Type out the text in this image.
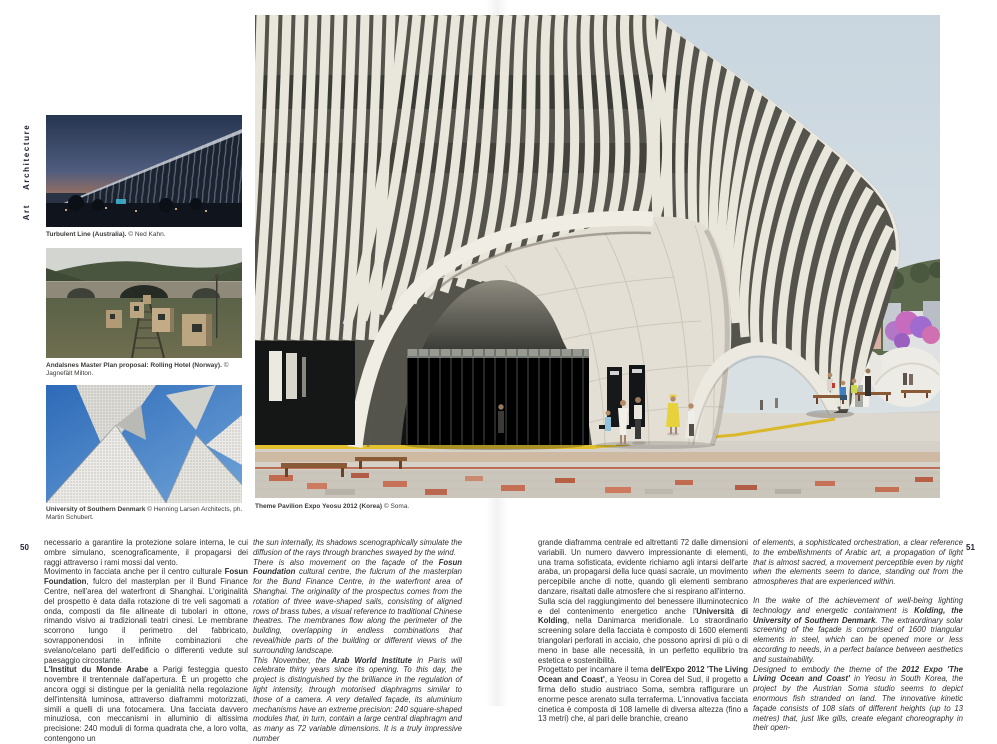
Art
Architecture
50	51
Turbulent Line (Australia). © Ned Kahn.
Andalsnes Master Plan proposal: Rolling Hotel (Norway). © Jagnefält Milton.
University of Southern Denmark © Henning Larsen Architects, ph. Martin Schubert.
Theme Pavilion Expo Yeosu 2012 (Korea) © Soma.

necessario a garantire la protezione solare interna, le cui ombre simulano, scenograficamente, il propagarsi dei raggi attraverso i rami mossi dal vento.

Movimento in facciata anche per il centro culturale Fosun Foundation, fulcro del masterplan per il Bund Finance Centre, nell'area del waterfront di Shanghai. L'originalità del prospetto è data dalla rotazione di tre veli sagomati a onda, composti da file allineate di tubolari in ottone, rimando visivo ai tradizionali teatri cinesi. Le membrane scorrono lungo il perimetro del fabbricato, sovrapponendosi in infinite combinazioni che svelano/celano parti dell'edificio o differenti vedute sul paesaggio circostante.

L'Institut du Monde Arabe a Parigi festeggia questo novembre il trentennale dall'apertura. È un progetto che ancora oggi si distingue per la genialità nella regolazione dell'intensità luminosa, attraverso diaframmi motorizzati, simili a quelli di una fotocamera. Una facciata davvero minuziosa, con meccanismi in alluminio di altissima precisione: 240 moduli di forma quadrata che, a loro volta, contengono un

the sun internally, its shadows scenographically simulate the diffusion of the rays through branches swayed by the wind.

There is also movement on the façade of the Fosun Foundation cultural centre, the fulcrum of the masterplan for the Bund Finance Centre, in the waterfront area of Shanghai. The originality of the prospectus comes from the rotation of three wave-shaped sails, consisting of aligned rows of brass tubes, a visual reference to traditional Chinese theatres. The membranes flow along the perimeter of the building, overlapping in endless combinations that reveal/hide parts of the building or different views of the surrounding landscape.

This November, the Arab World Institute in Paris will celebrate thirty years since its opening. To this day, the project is distinguished by the brilliance in the regulation of light intensity, through motorised diaphragms similar to those of a camera. A very detailed façade, its aluminium mechanisms have an extreme precision: 240 square-shaped modules that, in turn, contain a large central diaphragm and as many as 72 variable dimensions. It is a truly impressive number

grande diaframma centrale ed altrettanti 72 dalle dimensioni variabili. Un numero davvero impressionante di elementi, una trama sofisticata, evidente richiamo agli intarsi dell'arte araba, un propagarsi della luce quasi sacrale, un movimento percepibile anche di notte, quando gli elementi sembrano danzare, risaltati dalle atmosfere che si respirano all'interno.

Sulla scia del raggiungimento del benessere illuminotecnico e del contenimento energetico anche l'Università di Kolding, nella Danimarca meridionale. Lo straordinario screening solare della facciata è composto di 1600 elementi triangolari perforati in acciaio, che possono aprirsi di più o di meno in base alle necessità, in un perfetto equilibrio tra estetica e sostenibilità.

Progettato per incarnare il tema dell'Expo 2012 'The Living Ocean and Coast', a Yeosu in Corea del Sud, il progetto a firma dello studio austriaco Soma, sembra raffigurare un enorme pesce arenato sulla terraferma. L'innovativa facciata cinetica è composta di 108 lamelle di diversa altezza (fino a 13 metri) che, al pari delle branchie, creano

of elements, a sophisticated orchestration, a clear reference to the embellishments of Arabic art, a propagation of light that is almost sacred, a movement perceptible even by night when the elements seem to dance, standing out from the atmospheres that are experienced within.

In the wake of the achievement of well-being lighting technology and energetic containment is Kolding, the University of Southern Denmark. The extraordinary solar screening of the façade is comprised of 1600 triangular elements in steel, which can be opened more or less according to needs, in a perfect balance between aesthetics and sustainability.

Designed to embody the theme of the 2012 Expo 'The Living Ocean and Coast' in Yeosu in South Korea, the project by the Austrian Soma studio seems to depict enormous fish stranded on land. The innovative kinetic façade consists of 108 slats of different heights (up to 13 metres) that, just like gills, create elegant choreography in their open-
